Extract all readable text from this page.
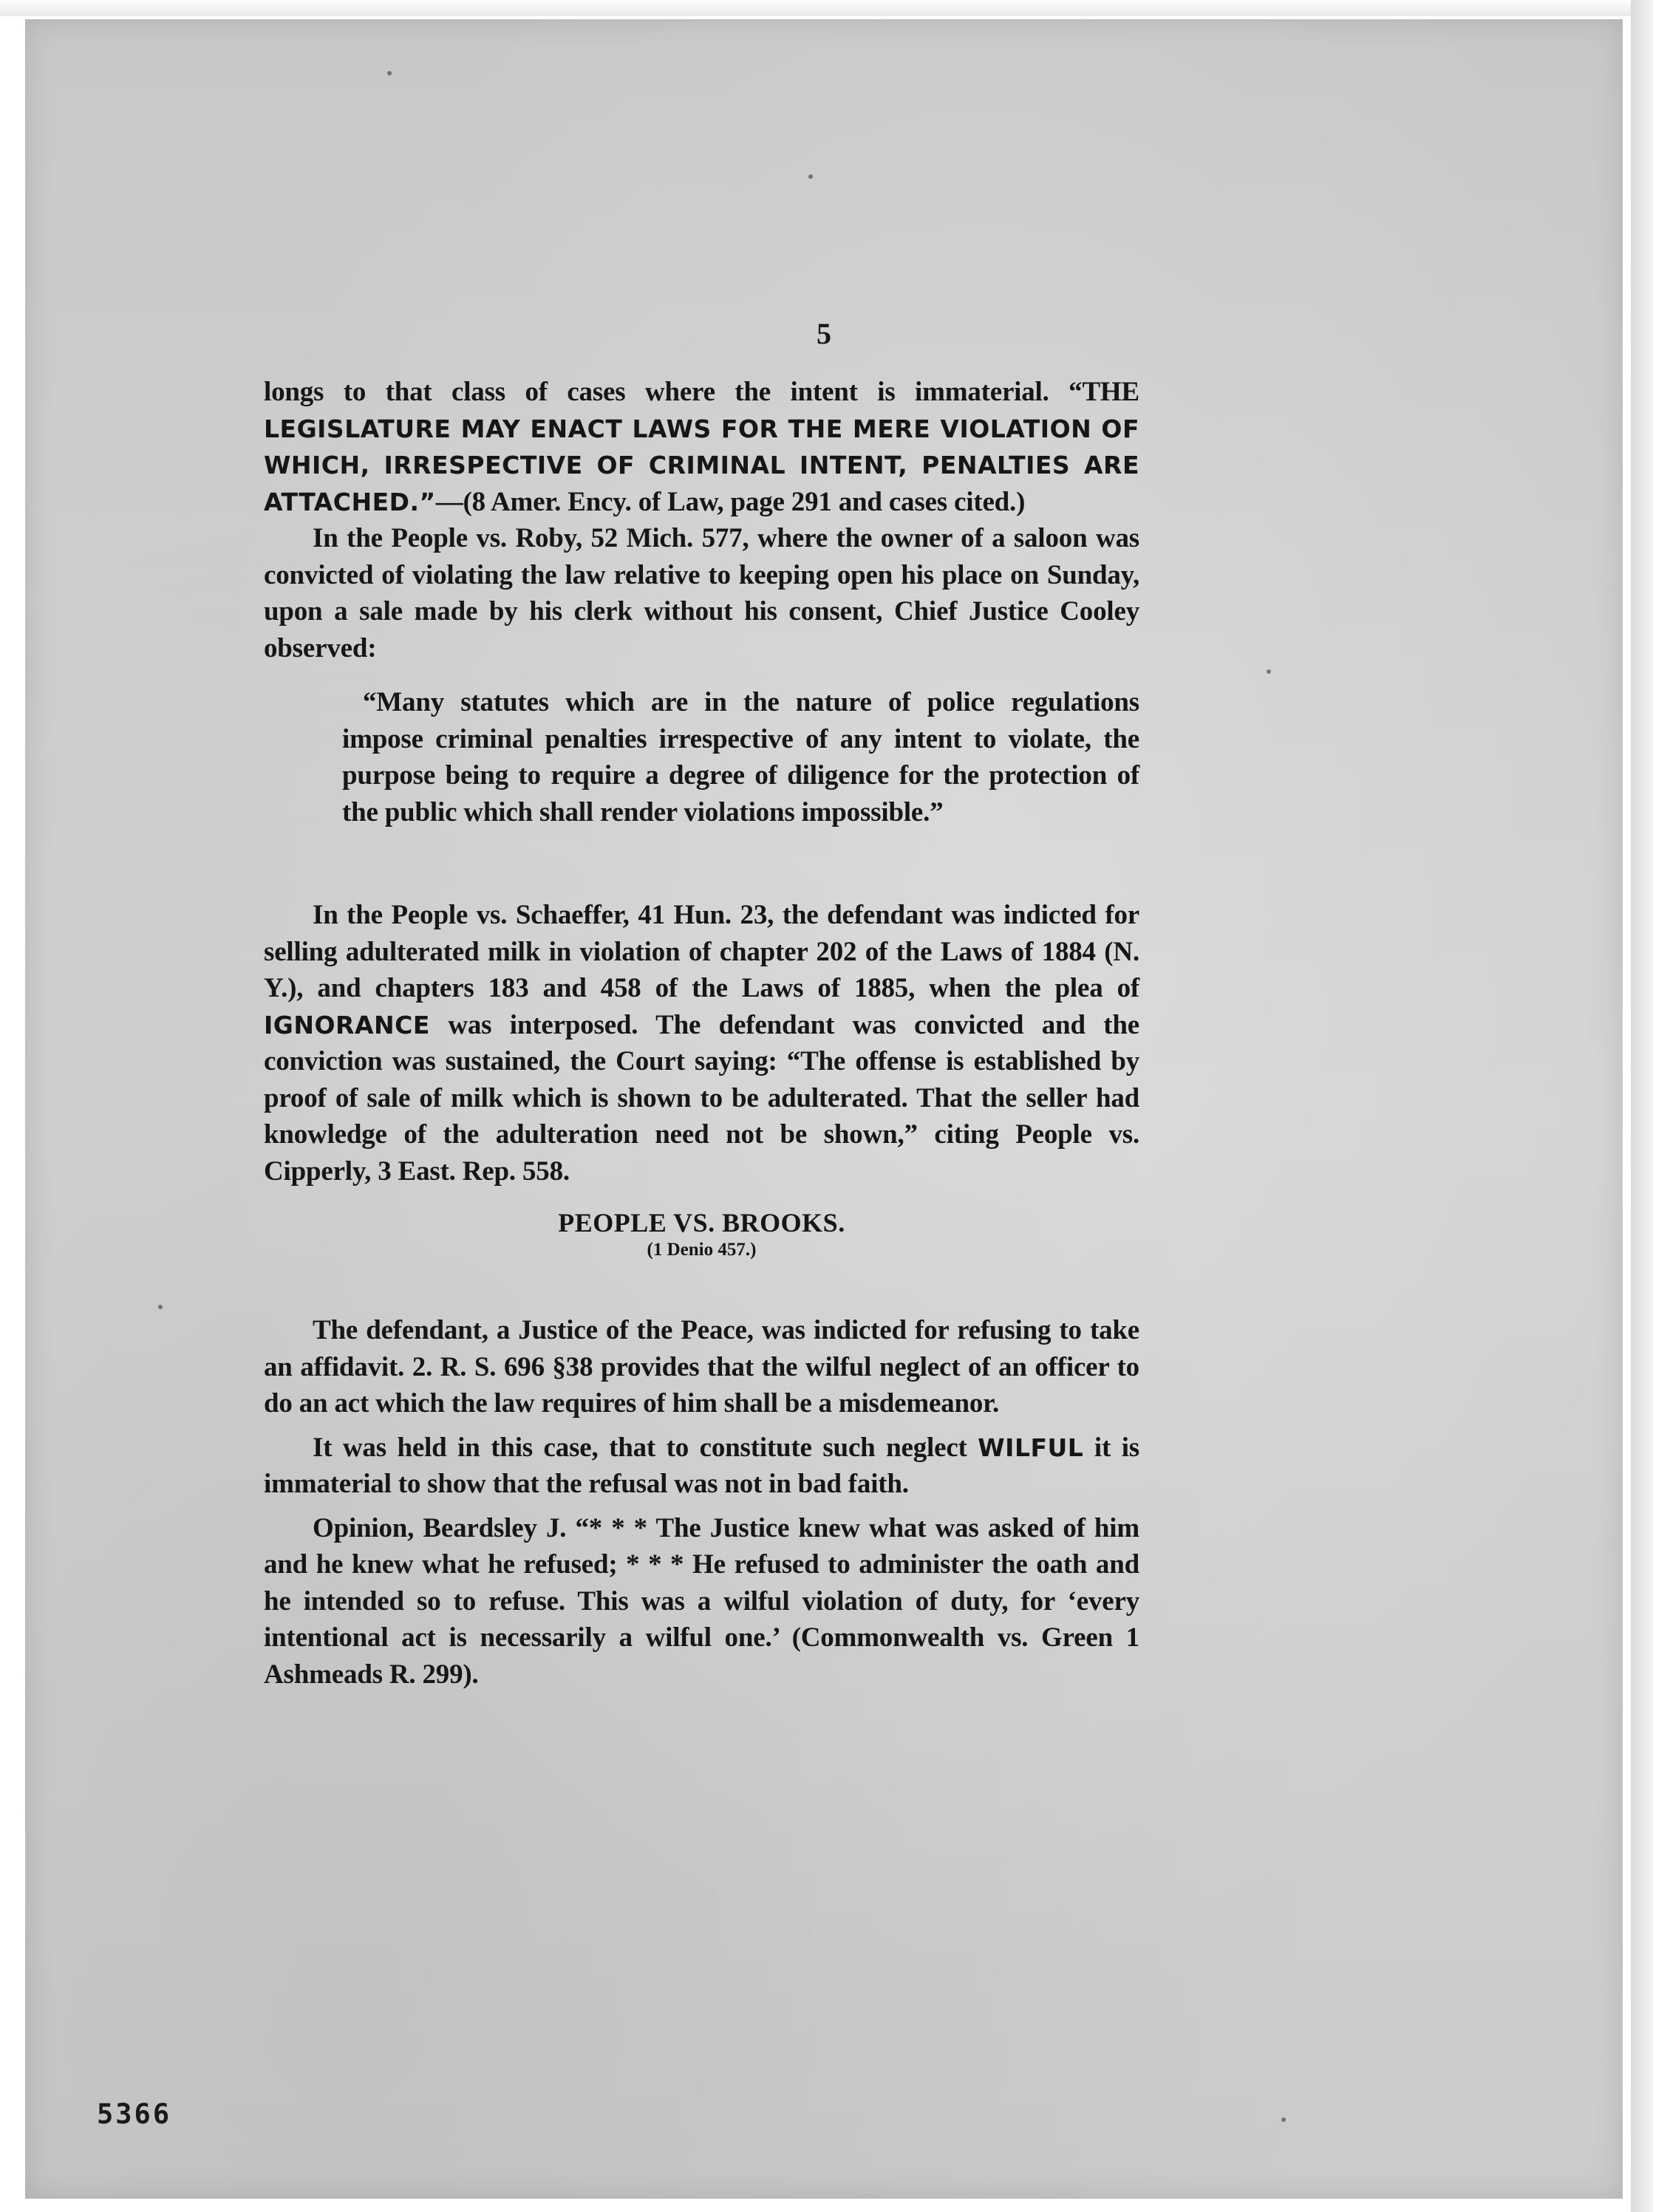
5

longs to that class of cases where the intent is immaterial. “THE LEGISLATURE MAY ENACT LAWS FOR THE MERE VIOLATION OF WHICH, IRRESPECTIVE OF CRIMINAL INTENT, PENALTIES ARE ATTACHED.”—(8 Amer. Ency. of Law, page 291 and cases cited.)

In the People vs. Roby, 52 Mich. 577, where the owner of a saloon was convicted of violating the law relative to keeping open his place on Sunday, upon a sale made by his clerk without his consent, Chief Justice Cooley observed:

“Many statutes which are in the nature of police regulations impose criminal penalties irrespective of any intent to violate, the purpose being to require a degree of diligence for the protection of the public which shall render violations impossible.”

In the People vs. Schaeffer, 41 Hun. 23, the defendant was indicted for selling adulterated milk in violation of chapter 202 of the Laws of 1884 (N. Y.), and chapters 183 and 458 of the Laws of 1885, when the plea of IGNORANCE was interposed. The defendant was convicted and the conviction was sustained, the Court saying: “The offense is established by proof of sale of milk which is shown to be adulterated. That the seller had knowledge of the adulteration need not be shown,” citing People vs. Cipperly, 3 East. Rep. 558.

PEOPLE VS. BROOKS.
(1 Denio 457.)

The defendant, a Justice of the Peace, was indicted for refusing to take an affidavit. 2. R. S. 696 §38 provides that the wilful neglect of an officer to do an act which the law requires of him shall be a misdemeanor.

It was held in this case, that to constitute such neglect WILFUL it is immaterial to show that the refusal was not in bad faith.

Opinion, Beardsley J. “* * * The Justice knew what was asked of him and he knew what he refused; * * * He refused to administer the oath and he intended so to refuse. This was a wilful violation of duty, for ‘every intentional act is necessarily a wilful one.’ (Commonwealth vs. Green 1 Ashmeads R. 299).

5366
